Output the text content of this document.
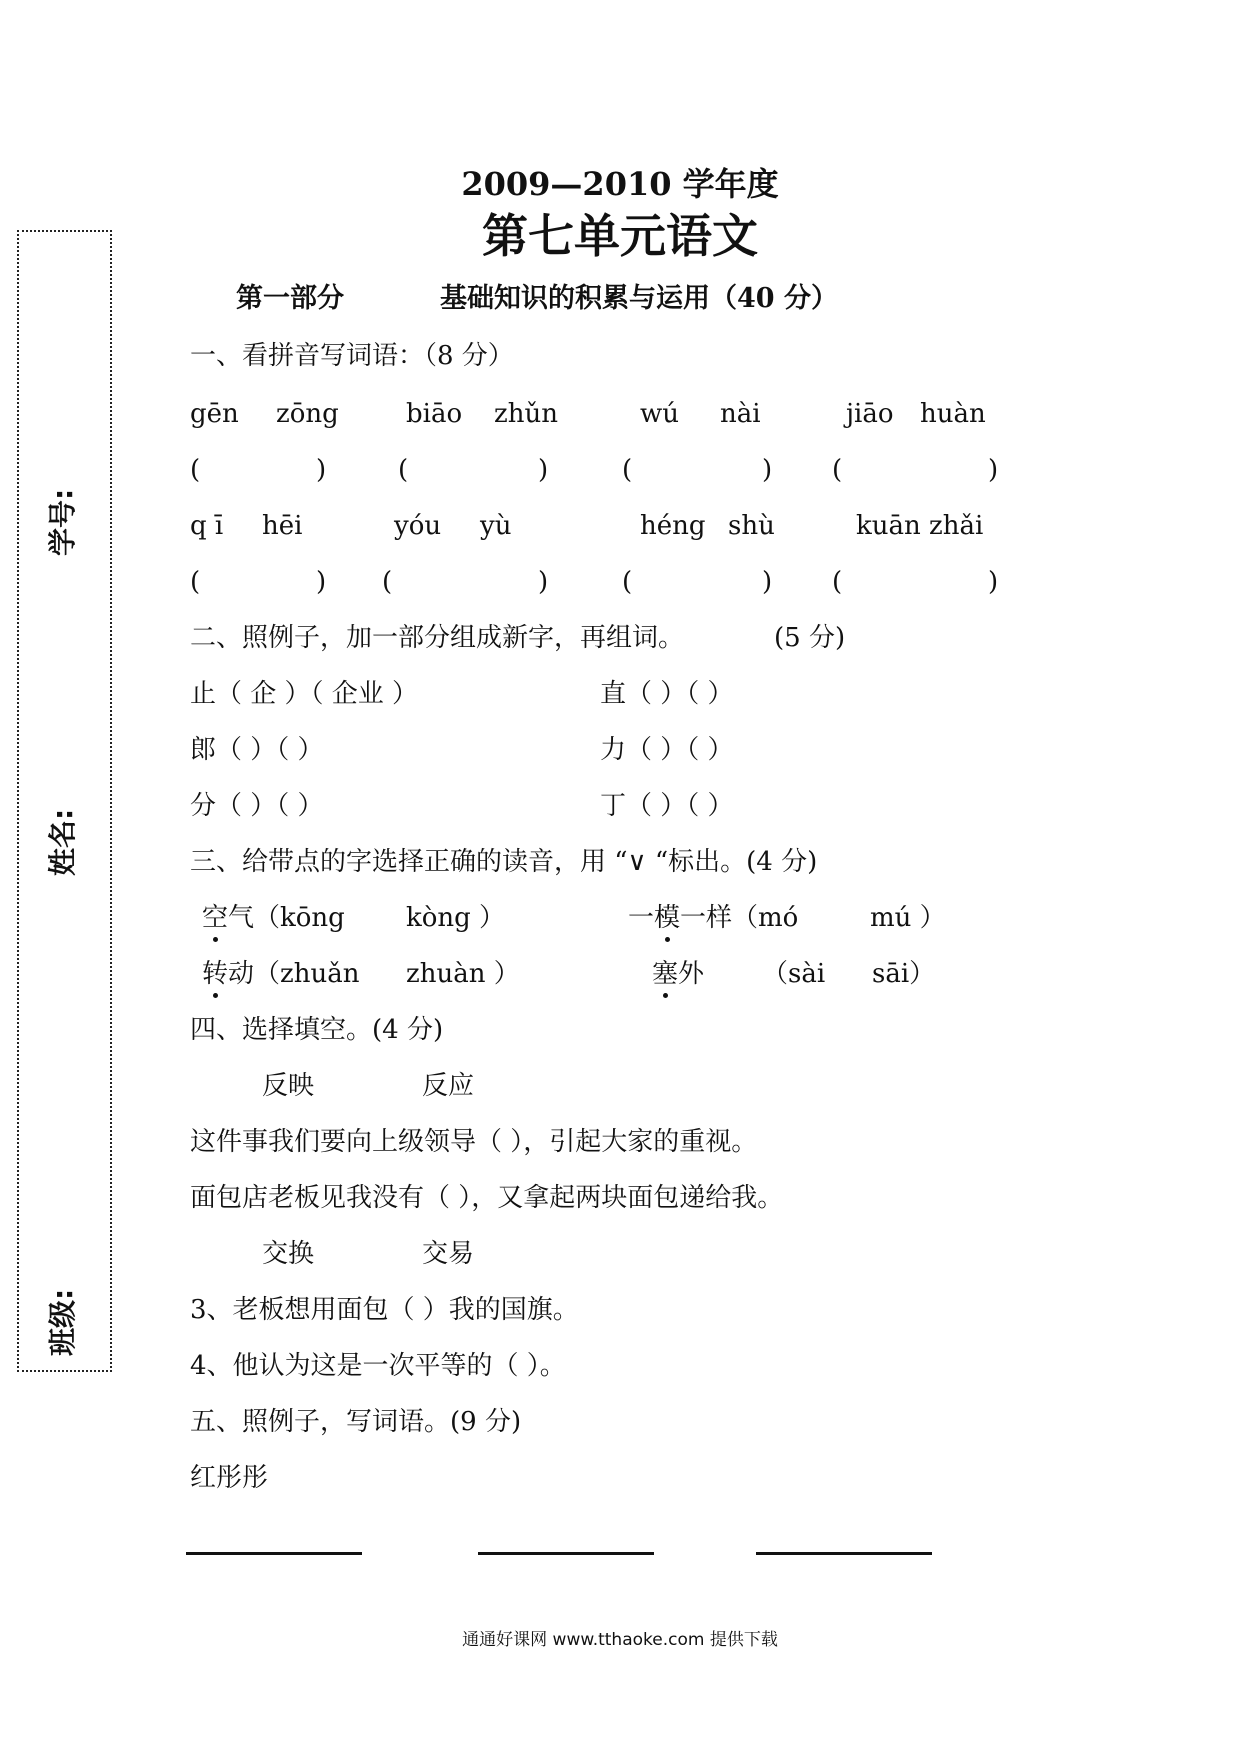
学号:
姓名:
班级:
2009—2010 学年度
第七单元语文
第一部分	基础知识的积累与运用（40 分）
一、看拼音写词语：（8 分）
gēn zōng	biāo zhǔn	wú nài	jiāo huàn
(	)	(	)	(	) (	)
q ī hēi	yóu yù	héng shù	kuān zhǎi
(	) (	)	(	) (	)
二、照例子，加一部分组成新字，再组词。	(5 分)
止（ 企 ）（ 企业 ）	直（ ）（ ）
郎（ ）（ ）	力（ ）（ ）
分（ ）（ ）	丁（ ）（ ）
三、给带点的字选择正确的读音，用 “∨ “标出。(4 分)
空气（kōng kòng ）	一模一样（mó	mú ）
转动（zhuǎn zhuàn ）	塞外 （sài sāi）
四、选择填空。(4 分)
反映	反应
这件事我们要向上级领导（ ），引起大家的重视。
面包店老板见我没有（ ），又拿起两块面包递给我。
交换	交易
3、老板想用面包（ ）我的国旗。
4、他认为这是一次平等的（ ）。
五、照例子，写词语。(9 分)
红彤彤
通通好课网 www.tthaoke.com 提供下载
